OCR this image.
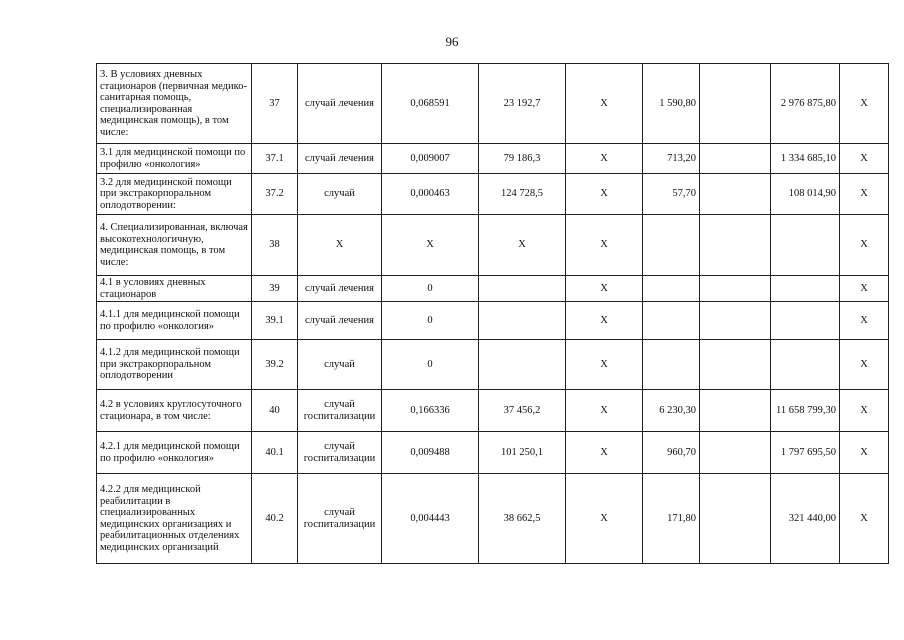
96
3. В условиях дневных стационаров (первичная медико-санитарная помощь, специализированная медицинская помощь), в том числе:	37	случай лечения	0,068591	23 192,7	X	1 590,80		2 976 875,80	X
3.1 для медицинской помощи по профилю «онкология»	37.1	случай лечения	0,009007	79 186,3	X	713,20		1 334 685,10	X
3.2 для медицинской помощи при экстракорпоральном оплодотворении:	37.2	случай	0,000463	124 728,5	X	57,70		108 014,90	X
4. Специализированная, включая высокотехнологичную, медицинская помощь, в том числе:	38	X	X	X	X				X
4.1 в условиях дневных стационаров	39	случай лечения	0		X				X
4.1.1 для медицинской помощи по профилю «онкология»	39.1	случай лечения	0		X				X
4.1.2 для медицинской помощи при экстракорпоральном оплодотворении	39.2	случай	0		X				X
4.2 в условиях круглосуточного стационара, в том числе:	40	случай госпитализации	0,166336	37 456,2	X	6 230,30		11 658 799,30	X
4.2.1 для медицинской помощи по профилю «онкология»	40.1	случай госпитализации	0,009488	101 250,1	X	960,70		1 797 695,50	X
4.2.2 для медицинской реабилитации в специализированных медицинских организациях и реабилитационных отделениях медицинских организаций	40.2	случай госпитализации	0,004443	38 662,5	X	171,80		321 440,00	X
